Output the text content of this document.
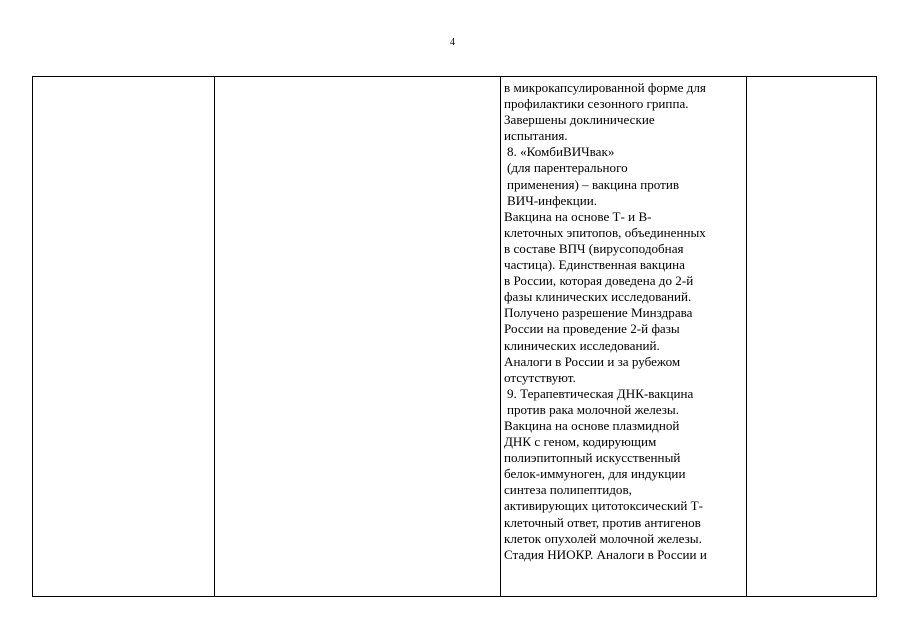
4

в микрокапсулированной форме для
профилактики сезонного гриппа.
Завершены доклинические
испытания.
8. «КомбиВИЧвак»
(для парентерального
применения) – вакцина против
ВИЧ-инфекции.
Вакцина на основе Т- и В-
клеточных эпитопов, объединенных
в составе ВПЧ (вирусоподобная
частица). Единственная вакцина
в России, которая доведена до 2-й
фазы клинических исследований.
Получено разрешение Минздрава
России на проведение 2-й фазы
клинических исследований.
Аналоги в России и за рубежом
отсутствуют.
9. Терапевтическая ДНК-вакцина
против рака молочной железы.
Вакцина на основе плазмидной
ДНК с геном, кодирующим
полиэпитопный искусственный
белок-иммуноген, для индукции
синтеза полипептидов,
активирующих цитотоксический Т-
клеточный ответ, против антигенов
клеток опухолей молочной железы.
Стадия НИОКР. Аналоги в России и
